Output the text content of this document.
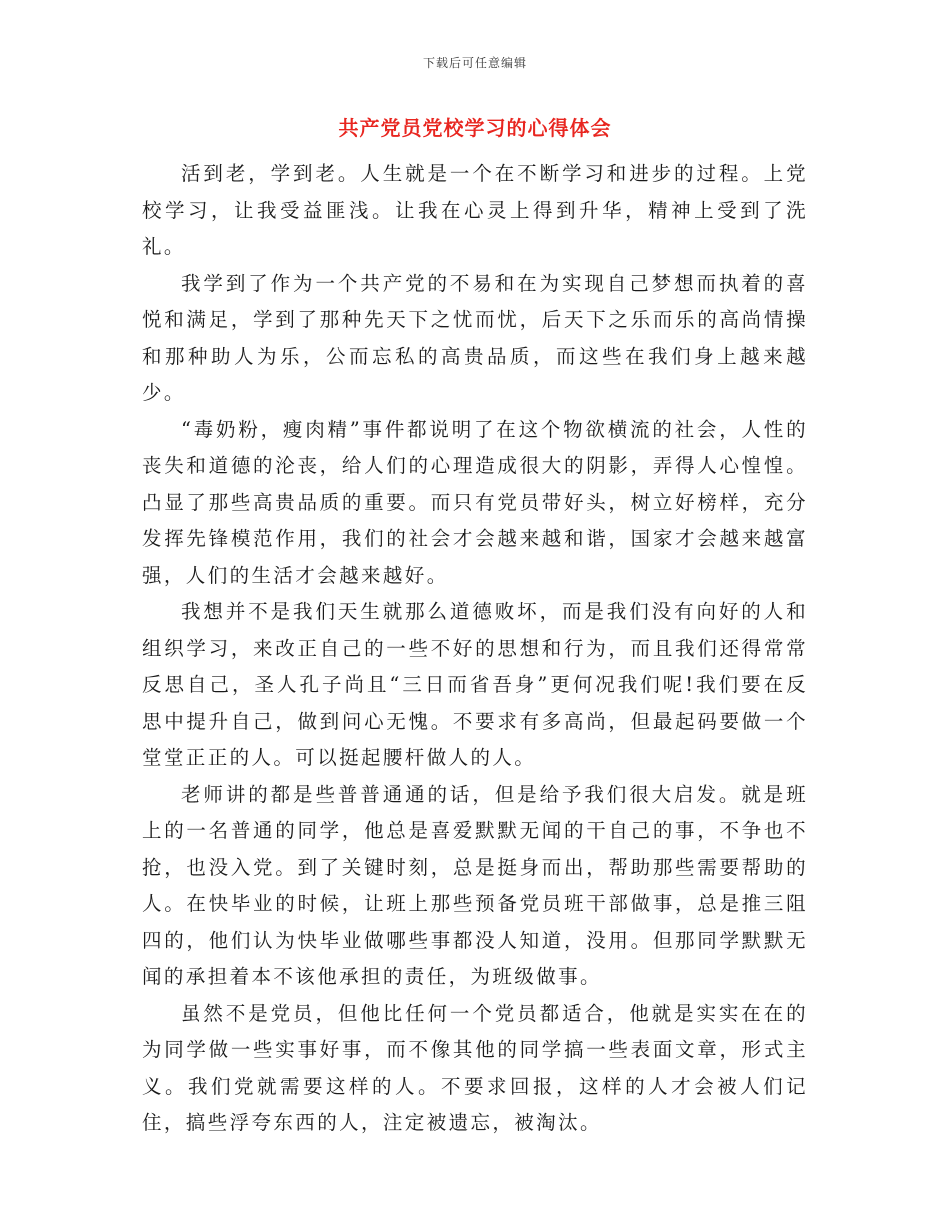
下载后可任意编辑
共产党员党校学习的心得体会

活到老，学到老。人生就是一个在不断学习和进步的过程。上党校学习，让我受益匪浅。让我在心灵上得到升华，精神上受到了洗礼。

我学到了作为一个共产党的不易和在为实现自己梦想而执着的喜悦和满足，学到了那种先天下之忧而忧，后天下之乐而乐的高尚情操和那种助人为乐，公而忘私的高贵品质，而这些在我们身上越来越少。

“毒奶粉，瘦肉精”事件都说明了在这个物欲横流的社会，人性的丧失和道德的沦丧，给人们的心理造成很大的阴影，弄得人心惶惶。凸显了那些高贵品质的重要。而只有党员带好头，树立好榜样，充分发挥先锋模范作用，我们的社会才会越来越和谐，国家才会越来越富强，人们的生活才会越来越好。

我想并不是我们天生就那么道德败坏，而是我们没有向好的人和组织学习，来改正自己的一些不好的思想和行为，而且我们还得常常反思自己，圣人孔子尚且“三日而省吾身”更何况我们呢!我们要在反思中提升自己，做到问心无愧。不要求有多高尚，但最起码要做一个堂堂正正的人。可以挺起腰杆做人的人。

老师讲的都是些普普通通的话，但是给予我们很大启发。就是班上的一名普通的同学，他总是喜爱默默无闻的干自己的事，不争也不抢，也没入党。到了关键时刻，总是挺身而出，帮助那些需要帮助的人。在快毕业的时候，让班上那些预备党员班干部做事，总是推三阻四的，他们认为快毕业做哪些事都没人知道，没用。但那同学默默无闻的承担着本不该他承担的责任，为班级做事。

虽然不是党员，但他比任何一个党员都适合，他就是实实在在的为同学做一些实事好事，而不像其他的同学搞一些表面文章，形式主义。我们党就需要这样的人。不要求回报，这样的人才会被人们记住，搞些浮夸东西的人，注定被遗忘，被淘汰。
